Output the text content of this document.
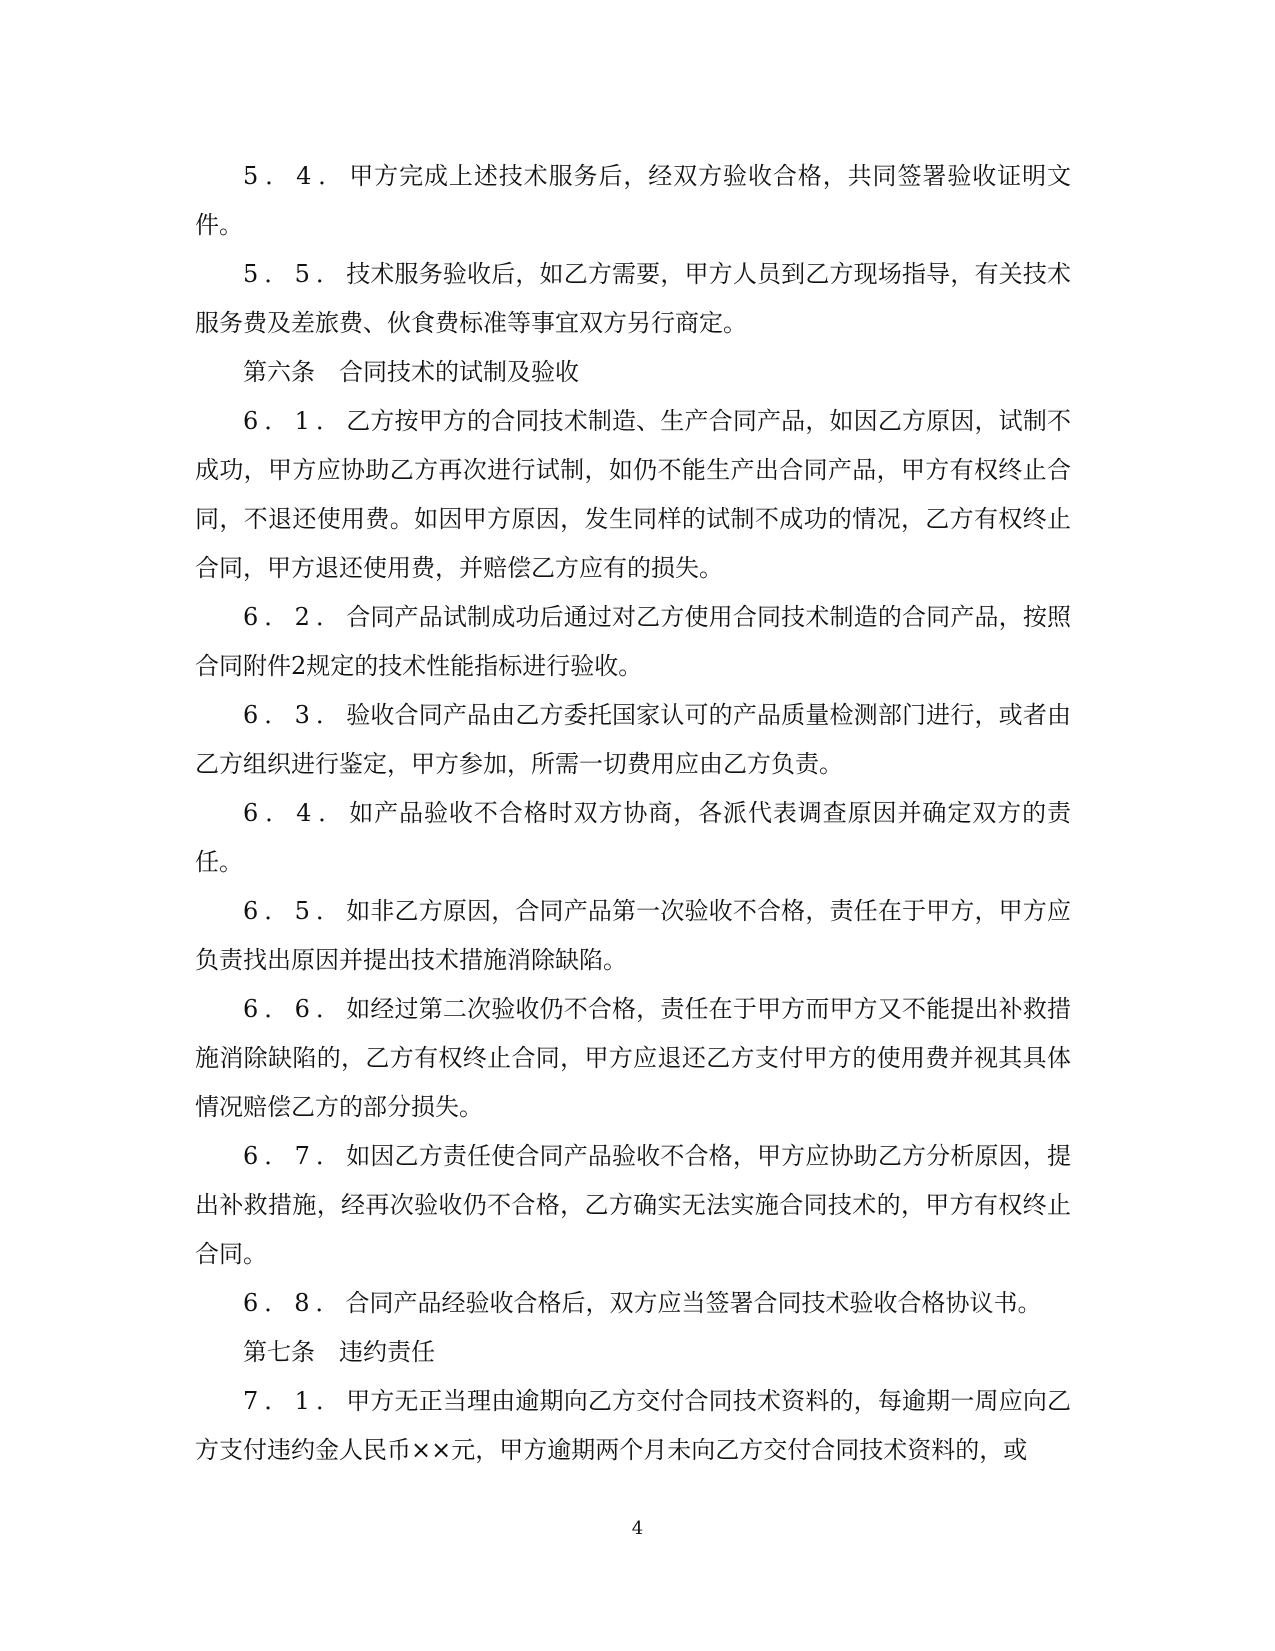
5．4．甲方完成上述技术服务后，经双方验收合格，共同签署验收证明文件。

5．5．技术服务验收后，如乙方需要，甲方人员到乙方现场指导，有关技术服务费及差旅费、伙食费标准等事宜双方另行商定。

第六条　合同技术的试制及验收

6．1．乙方按甲方的合同技术制造、生产合同产品，如因乙方原因，试制不成功，甲方应协助乙方再次进行试制，如仍不能生产出合同产品，甲方有权终止合同，不退还使用费。如因甲方原因，发生同样的试制不成功的情况，乙方有权终止合同，甲方退还使用费，并赔偿乙方应有的损失。

6．2．合同产品试制成功后通过对乙方使用合同技术制造的合同产品，按照合同附件2规定的技术性能指标进行验收。

6．3．验收合同产品由乙方委托国家认可的产品质量检测部门进行，或者由乙方组织进行鉴定，甲方参加，所需一切费用应由乙方负责。

6．4．如产品验收不合格时双方协商，各派代表调查原因并确定双方的责任。

6．5．如非乙方原因，合同产品第一次验收不合格，责任在于甲方，甲方应负责找出原因并提出技术措施消除缺陷。

6．6．如经过第二次验收仍不合格，责任在于甲方而甲方又不能提出补救措施消除缺陷的，乙方有权终止合同，甲方应退还乙方支付甲方的使用费并视其具体情况赔偿乙方的部分损失。

6．7．如因乙方责任使合同产品验收不合格，甲方应协助乙方分析原因，提出补救措施，经再次验收仍不合格，乙方确实无法实施合同技术的，甲方有权终止合同。

6．8．合同产品经验收合格后，双方应当签署合同技术验收合格协议书。

第七条　违约责任

7．1．甲方无正当理由逾期向乙方交付合同技术资料的，每逾期一周应向乙方支付违约金人民币××元，甲方逾期两个月未向乙方交付合同技术资料的，或

4
